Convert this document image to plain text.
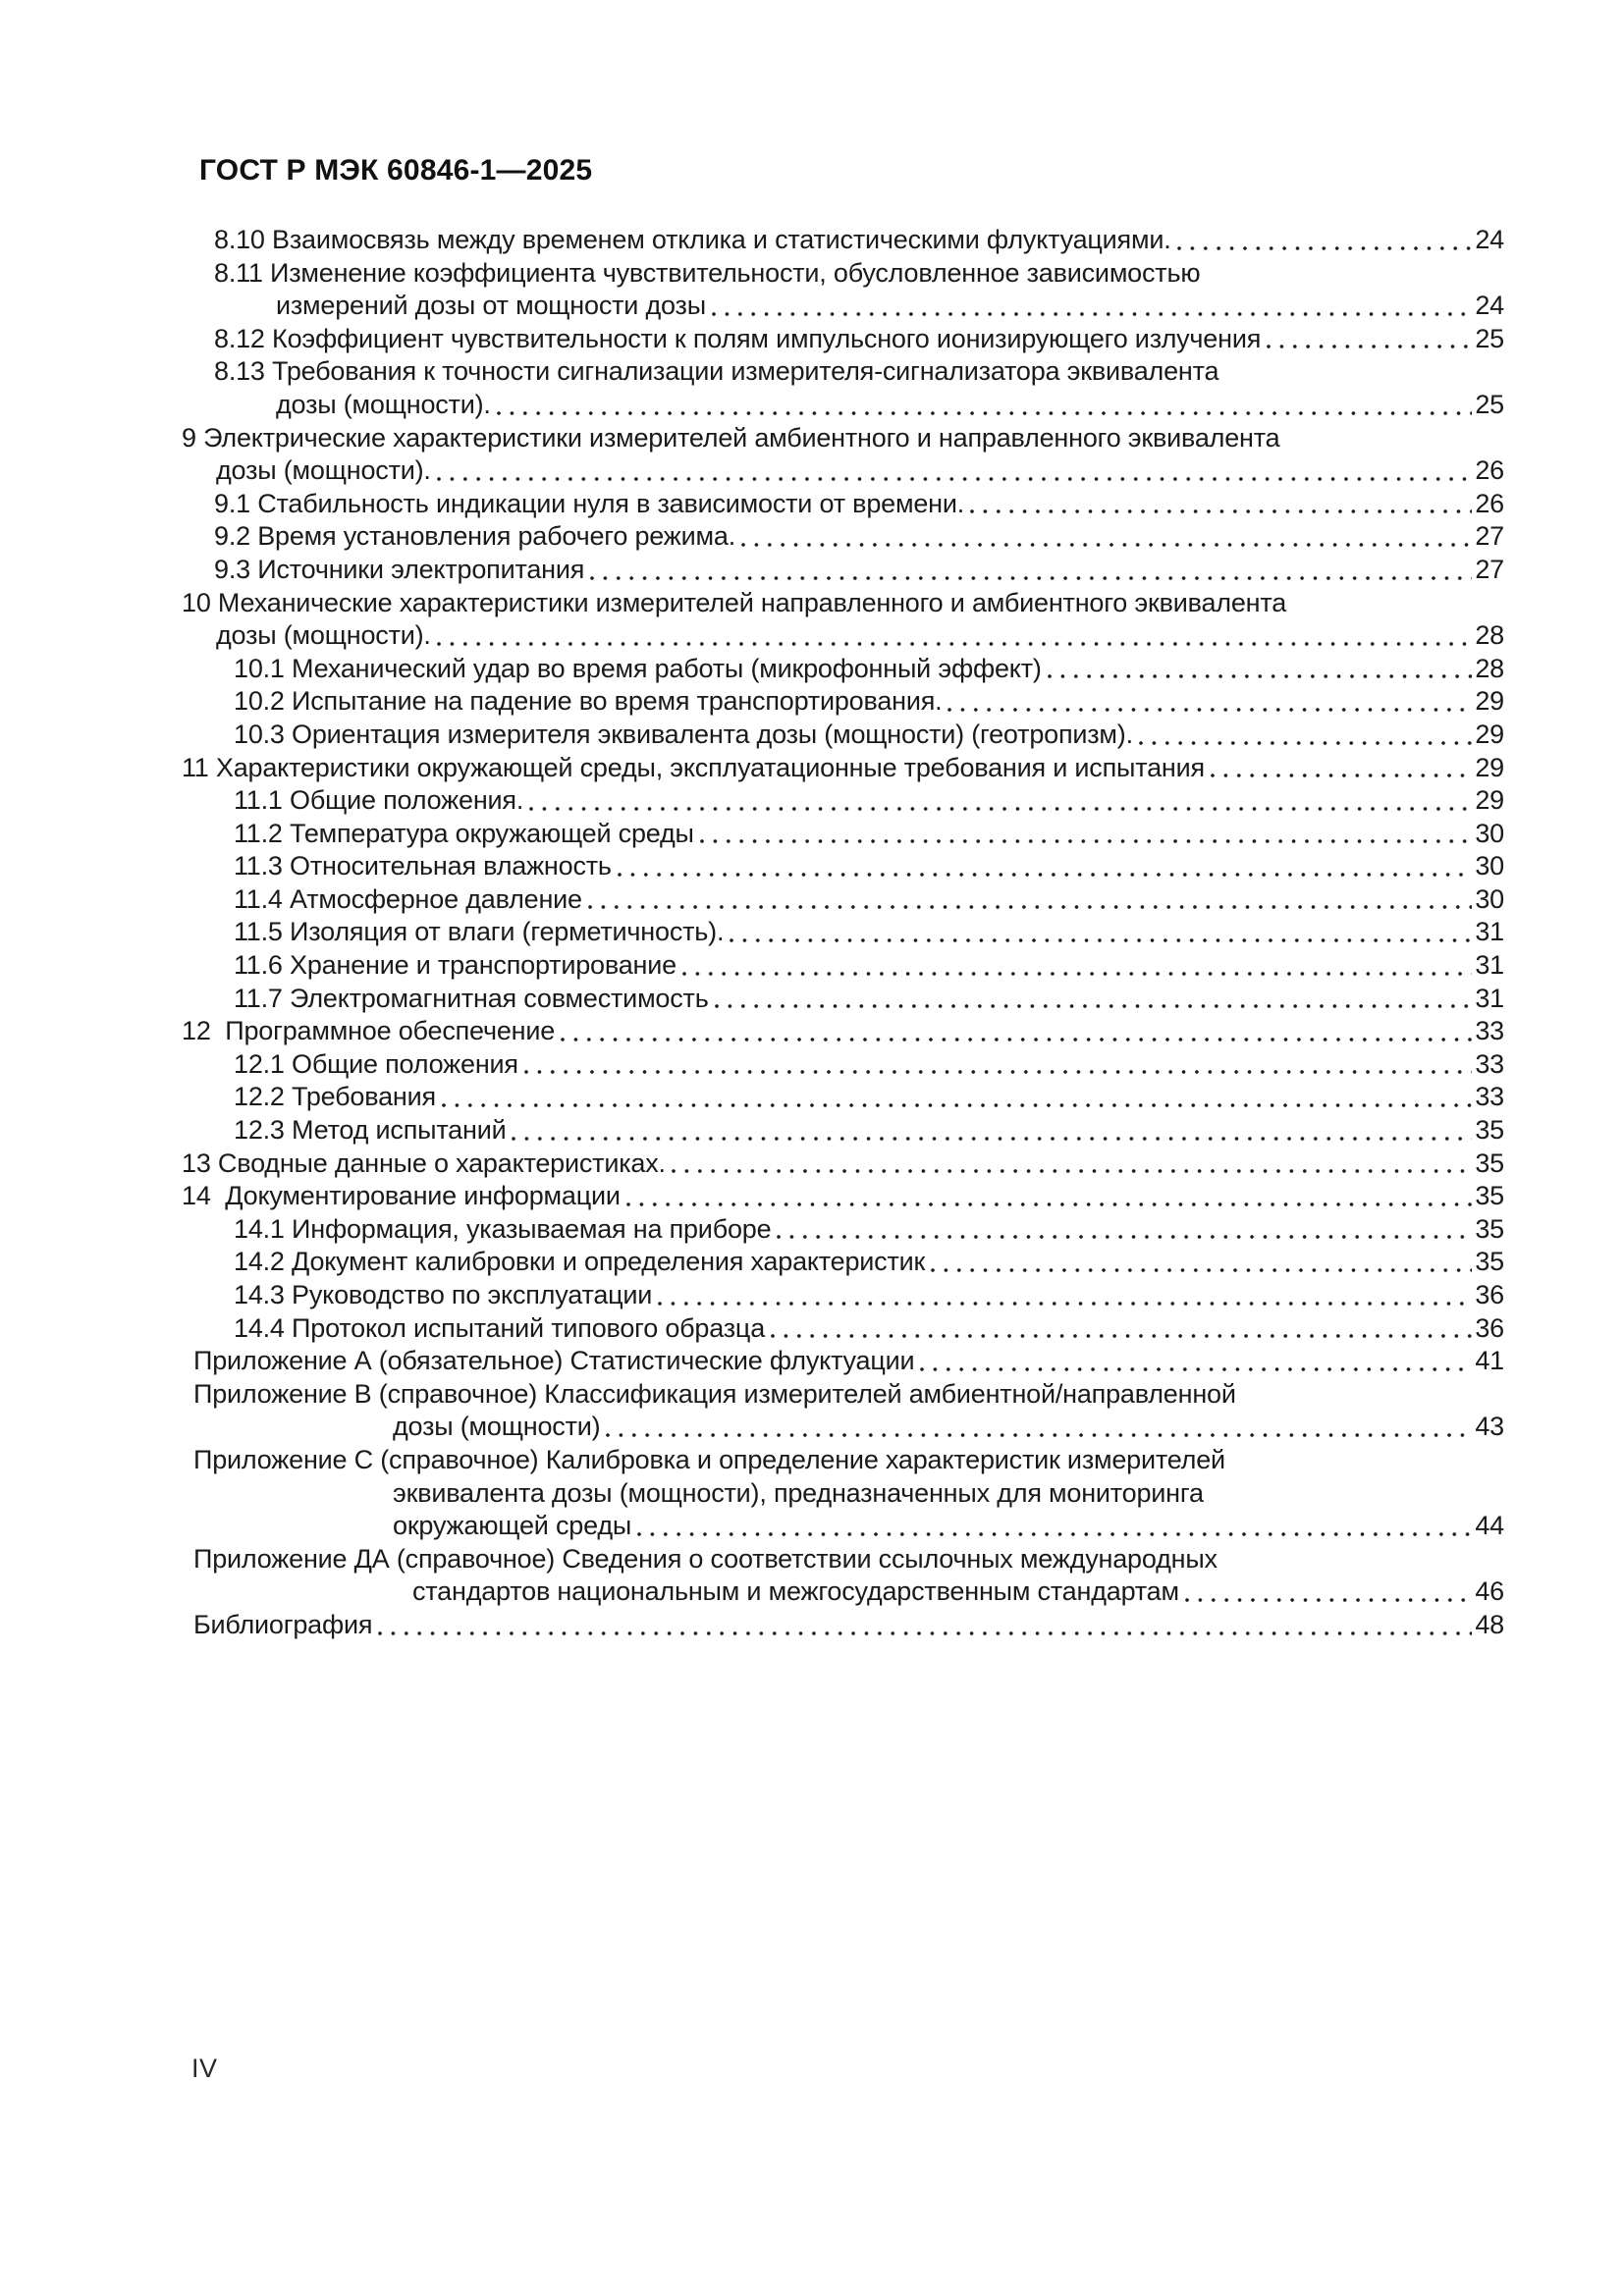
ГОСТ Р МЭК 60846-1—2025
8.10 Взаимосвязь между временем отклика и статистическими флуктуациями.	24
8.11 Изменение коэффициента чувствительности, обусловленное зависимостью
измерений дозы от мощности дозы	24
8.12 Коэффициент чувствительности к полям импульсного ионизирующего излучения	25
8.13 Требования к точности сигнализации измерителя-сигнализатора эквивалента
дозы (мощности).	25
9 Электрические характеристики измерителей амбиентного и направленного эквивалента
дозы (мощности).	26
9.1 Стабильность индикации нуля в зависимости от времени.	26
9.2 Время установления рабочего режима.	27
9.3 Источники электропитания	27
10 Механические характеристики измерителей направленного и амбиентного эквивалента
дозы (мощности).	28
10.1 Механический удар во время работы (микрофонный эффект)	28
10.2 Испытание на падение во время транспортирования.	29
10.3 Ориентация измерителя эквивалента дозы (мощности) (геотропизм).	29
11 Характеристики окружающей среды, эксплуатационные требования и испытания	29
11.1 Общие положения.	29
11.2 Температура окружающей среды	30
11.3 Относительная влажность	30
11.4 Атмосферное давление	30
11.5 Изоляция от влаги (герметичность).	31
11.6 Хранение и транспортирование	31
11.7 Электромагнитная совместимость	31
12  Программное обеспечение	33
12.1 Общие положения	33
12.2 Требования	33
12.3 Метод испытаний	35
13 Сводные данные о характеристиках.	35
14  Документирование информации	35
14.1 Информация, указываемая на приборе	35
14.2 Документ калибровки и определения характеристик	35
14.3 Руководство по эксплуатации	36
14.4 Протокол испытаний типового образца	36
Приложение А (обязательное) Статистические флуктуации	41
Приложение В (справочное) Классификация измерителей амбиентной/направленной
дозы (мощности)	43
Приложение С (справочное) Калибровка и определение характеристик измерителей
эквивалента дозы (мощности), предназначенных для мониторинга
окружающей среды	44
Приложение ДА (справочное) Сведения о соответствии ссылочных международных
стандартов национальным и межгосударственным стандартам	46
Библиография	48
IV
